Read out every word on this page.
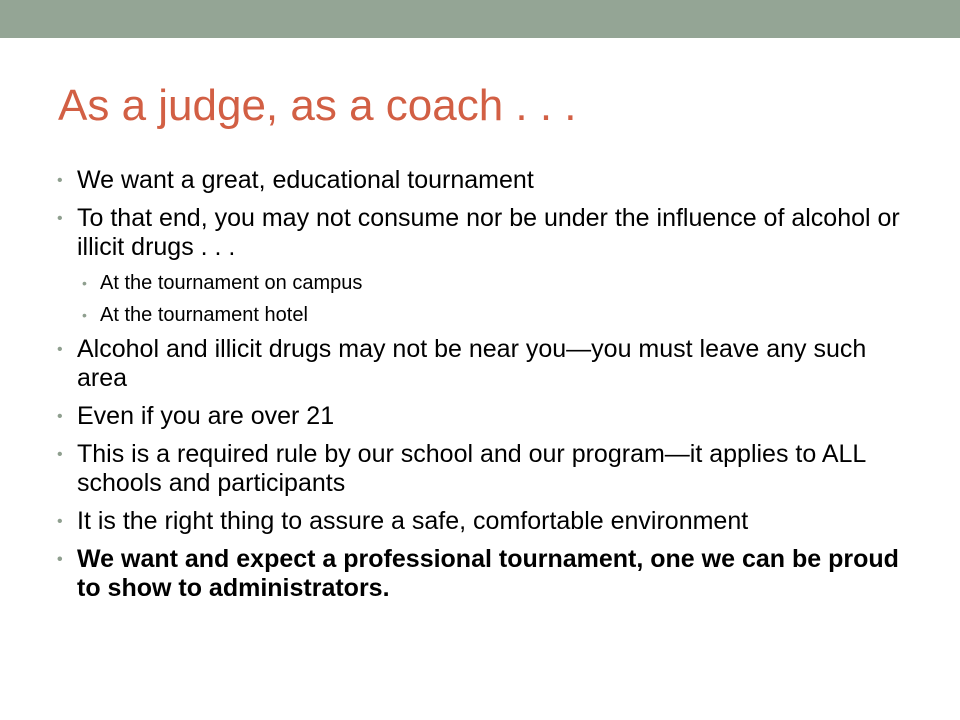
As a judge, as a coach . . .
• We want a great, educational tournament
• To that end, you may not consume nor be under the influence of alcohol or illicit drugs . . .
• At the tournament on campus
• At the tournament hotel
• Alcohol and illicit drugs may not be near you—you must leave any such area
• Even if you are over 21
• This is a required rule by our school and our program—it applies to ALL schools and participants
• It is the right thing to assure a safe, comfortable environment
• We want and expect a professional tournament, one we can be proud to show to administrators.
